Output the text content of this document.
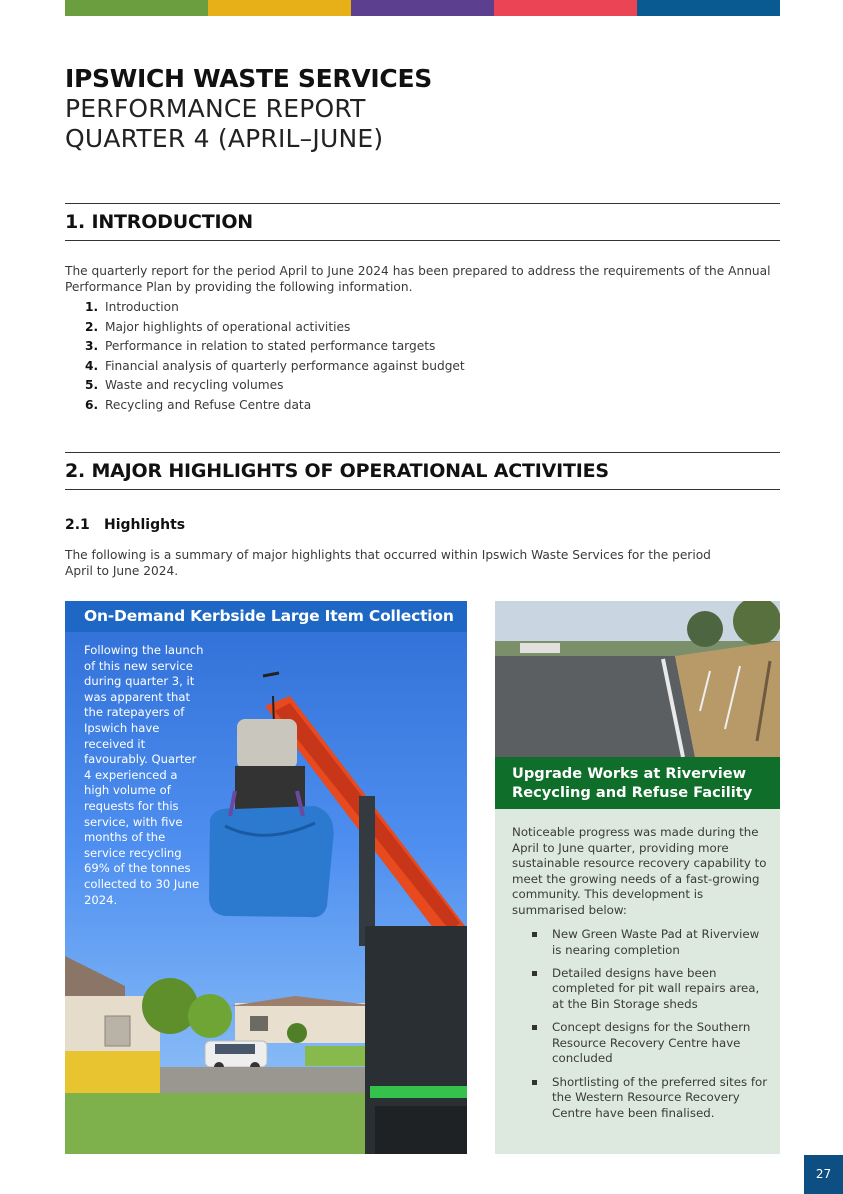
IPSWICH WASTE SERVICES
PERFORMANCE REPORT
QUARTER 4 (APRIL–JUNE)
1. INTRODUCTION

The quarterly report for the period April to June 2024 has been prepared to address the requirements of the Annual Performance Plan by providing the following information.

1. Introduction
2. Major highlights of operational activities
3. Performance in relation to stated performance targets
4. Financial analysis of quarterly performance against budget
5. Waste and recycling volumes
6. Recycling and Refuse Centre data
2. MAJOR HIGHLIGHTS OF OPERATIONAL ACTIVITIES
2.1 Highlights

The following is a summary of major highlights that occurred within Ipswich Waste Services for the period April to June 2024.

On-Demand Kerbside Large Item Collection

Following the launch of this new service during quarter 3, it was apparent that the ratepayers of Ipswich have received it favourably. Quarter 4 experienced a high volume of requests for this service, with five months of the service recycling 69% of the tonnes collected to 30 June 2024.

Upgrade Works at Riverview
Recycling and Refuse Facility

Noticeable progress was made during the April to June quarter, providing more sustainable resource recovery capability to meet the growing needs of a fast-growing community. This development is summarised below:

New Green Waste Pad at Riverview is nearing completion
Detailed designs have been completed for pit wall repairs area, at the Bin Storage sheds
Concept designs for the Southern Resource Recovery Centre have concluded
Shortlisting of the preferred sites for the Western Resource Recovery Centre have been finalised.
27
